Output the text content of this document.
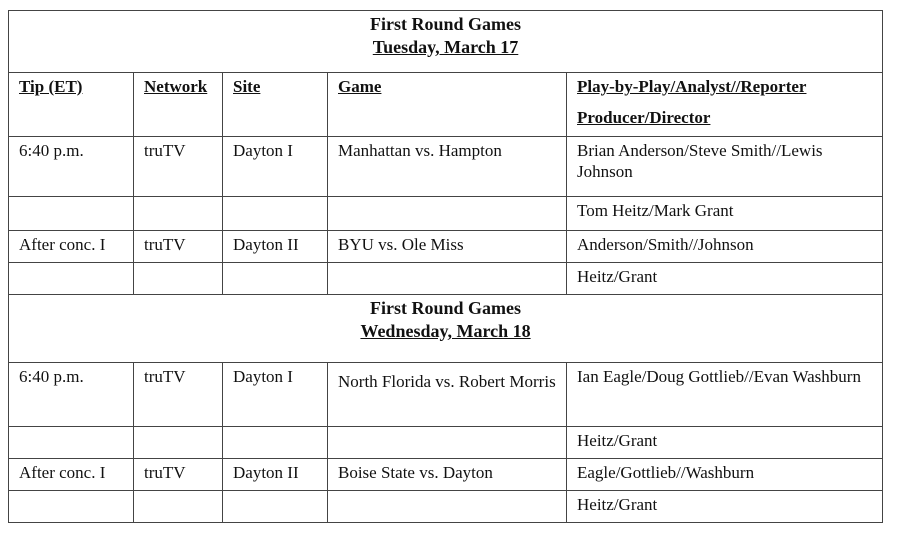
First Round Games
Tuesday, March 17				

Tip (ET)	Network	Site	Game	Play-by-Play/Analyst//Reporter
Producer/Director

6:40 p.m.	truTV	Dayton I	Manhattan vs. Hampton	Brian Anderson/Steve Smith//Lewis Johnson
				Tom Heitz/Mark Grant
After conc. I	truTV	Dayton II	BYU vs. Ole Miss	Anderson/Smith//Johnson
				Heitz/Grant

First Round Games
Wednesday, March 18				

6:40 p.m.	truTV	Dayton I	North Florida vs. Robert Morris	Ian Eagle/Doug Gottlieb//Evan Washburn
				Heitz/Grant
After conc. I	truTV	Dayton II	Boise State vs. Dayton	Eagle/Gottlieb//Washburn
				Heitz/Grant
